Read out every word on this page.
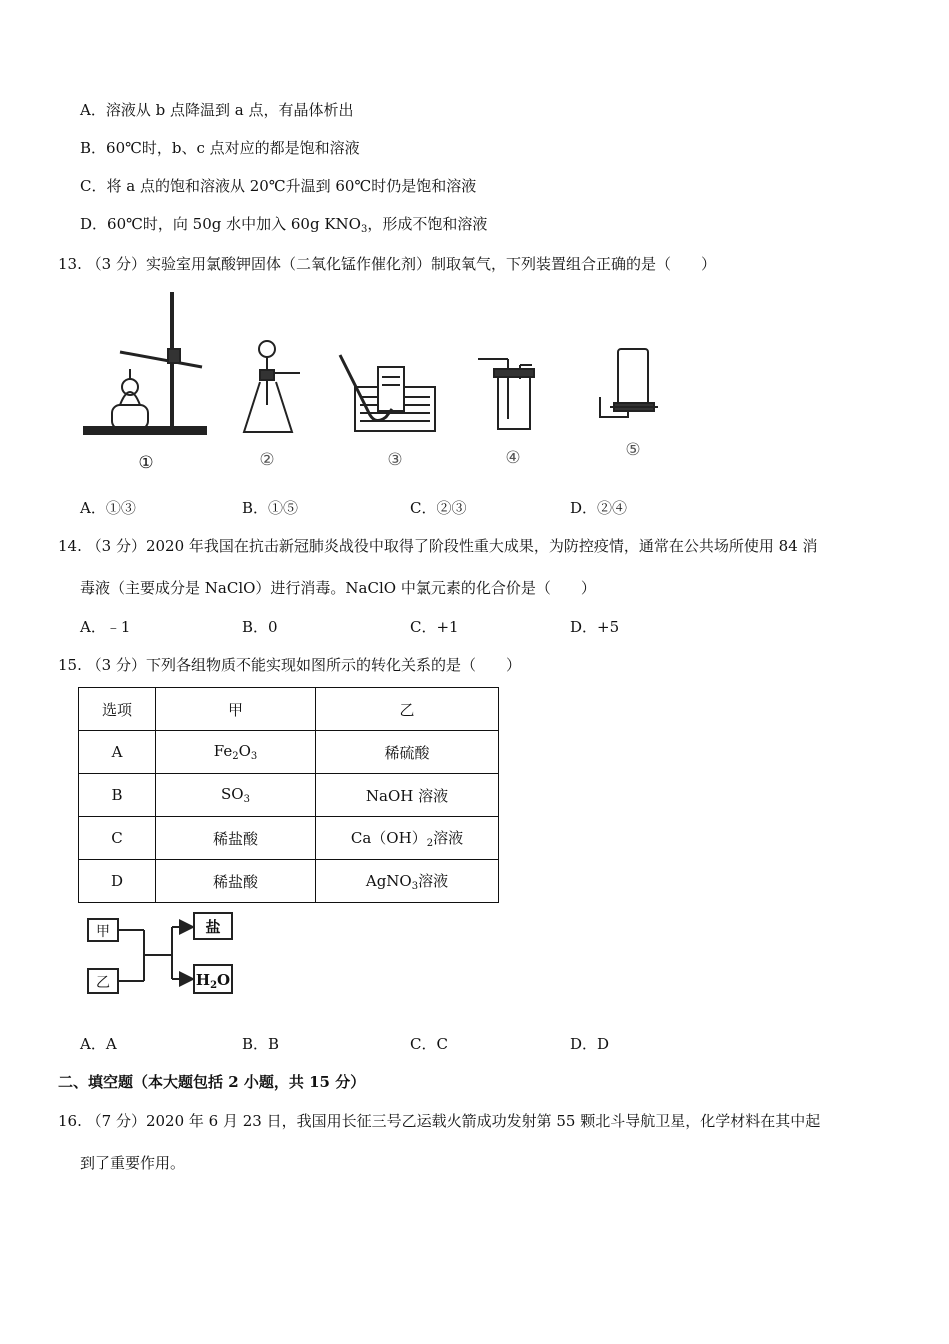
A．溶液从 b 点降温到 a 点，有晶体析出
B．60℃时，b、c 点对应的都是饱和溶液
C．将 a 点的饱和溶液从 20℃升温到 60℃时仍是饱和溶液
D．60℃时，向 50g 水中加入 60g $KNO_3$，形成不饱和溶液
13. （3 分）实验室用氯酸钾固体（二氧化锰作催化剂）制取氧气，下列装置组合正确的是（　　）
①	②	③	④	⑤
A．①③	B．①⑤	C．②③	D．②④
14. （3 分）2020 年我国在抗击新冠肺炎战役中取得了阶段性重大成果，为防控疫情，通常在公共场所使用 84 消
毒液（主要成分是 NaClO）进行消毒。NaClO 中氯元素的化合价是（　　）
A．﹣1	B．0	C．+1	D．+5
15. （3 分）下列各组物质不能实现如图所示的转化关系的是（　　）
选项	甲	乙
A	$Fe_2O_3$	稀硫酸
B	$SO_3$	NaOH 溶液
C	稀盐酸	$Ca(OH)_2$溶液
D	稀盐酸	AgNO$_3$溶液
甲
乙
盐
$H_2O$
A．A	B．B	C．C	D．D
二、填空题（本大题包括 2 小题，共 15 分）
16. （7 分）2020 年 6 月 23 日，我国用长征三号乙运载火箭成功发射第 55 颗北斗导航卫星，化学材料在其中起
到了重要作用。
